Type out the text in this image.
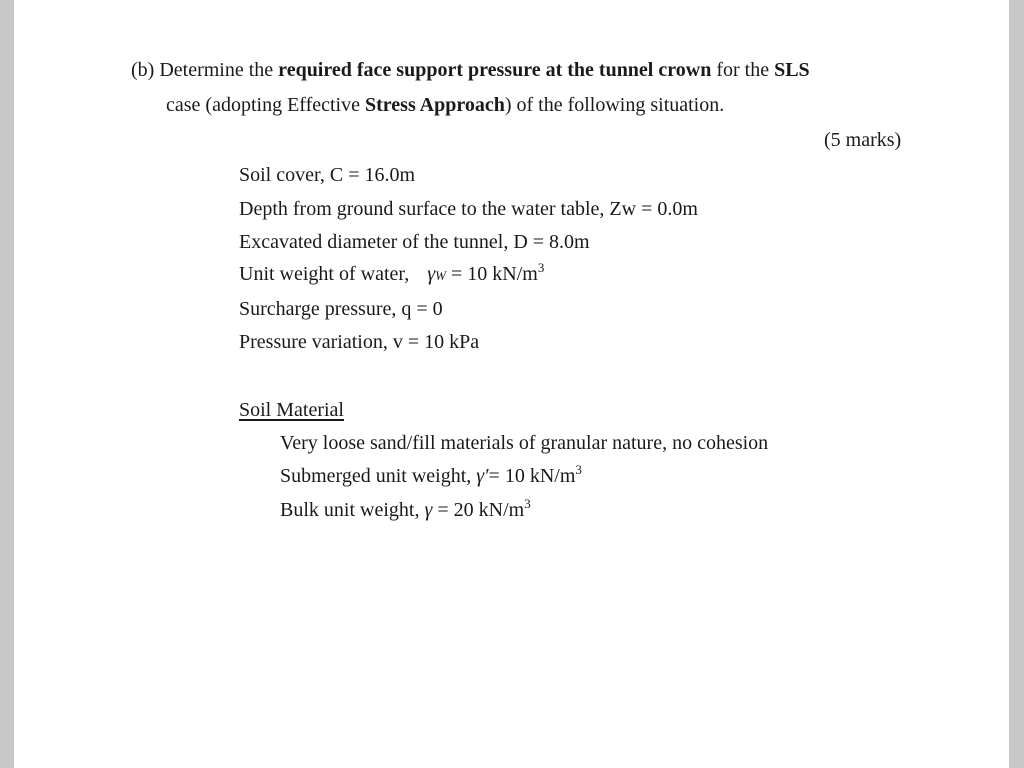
(b) Determine the required face support pressure at the tunnel crown for the SLS
case (adopting Effective Stress Approach) of the following situation.
(5 marks)
Soil cover, C = 16.0m
Depth from ground surface to the water table, Zw = 0.0m
Excavated diameter of the tunnel, D = 8.0m
Unit weight of water, γW = 10 $kN/m^3$
Surcharge pressure, q = 0
Pressure variation, v = 10 kPa
Soil Material
Very loose sand/fill materials of granular nature, no cohesion
Submerged unit weight, γ′= 10 $kN/m^3$
Bulk unit weight, γ = 20 $kN/m^3$
